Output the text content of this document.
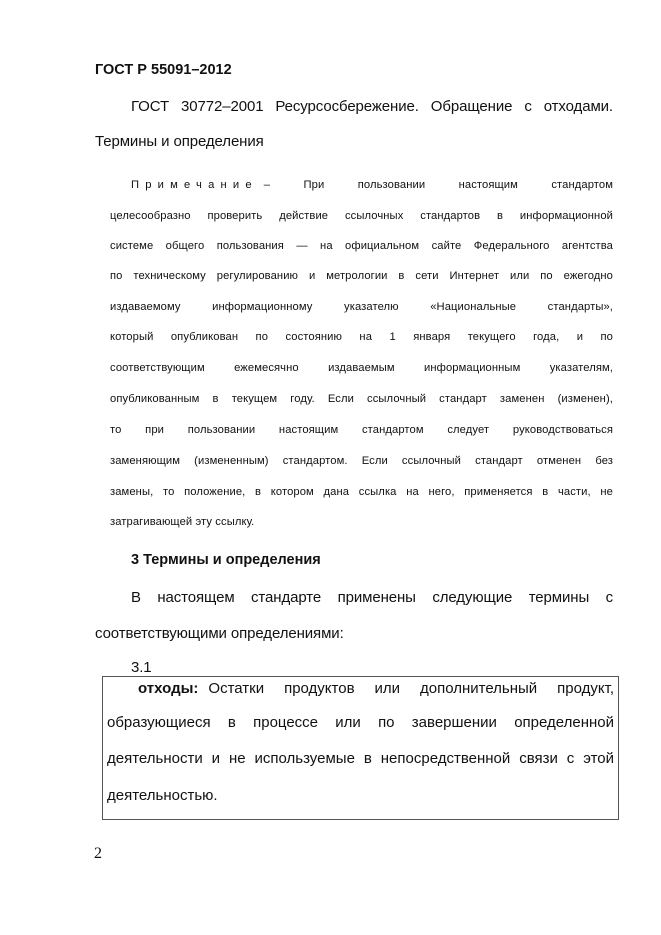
ГОСТ Р 55091–2012
ГОСТ 30772–2001 Ресурсосбережение. Обращение с отходами.
Термины и определения
Примечание – При пользовании настоящим стандартом
целесообразно проверить действие ссылочных стандартов в информационной
системе общего пользования — на официальном сайте Федерального агентства
по техническому регулированию и метрологии в сети Интернет или по ежегодно
издаваемому информационному указателю «Национальные стандарты»,
который опубликован по состоянию на 1 января текущего года, и по
соответствующим ежемесячно издаваемым информационным указателям,
опубликованным в текущем году. Если ссылочный стандарт заменен (изменен),
то при пользовании настоящим стандартом следует руководствоваться
заменяющим (измененным) стандартом. Если ссылочный стандарт отменен без
замены, то положение, в котором дана ссылка на него, применяется в части, не
затрагивающей эту ссылку.
3 Термины и определения
В настоящем стандарте применены следующие термины с
соответствующими определениями:
3.1
отходы: Остатки продуктов или дополнительный продукт,
образующиеся в процессе или по завершении определенной
деятельности и не используемые в непосредственной связи с этой
деятельностью.
2
